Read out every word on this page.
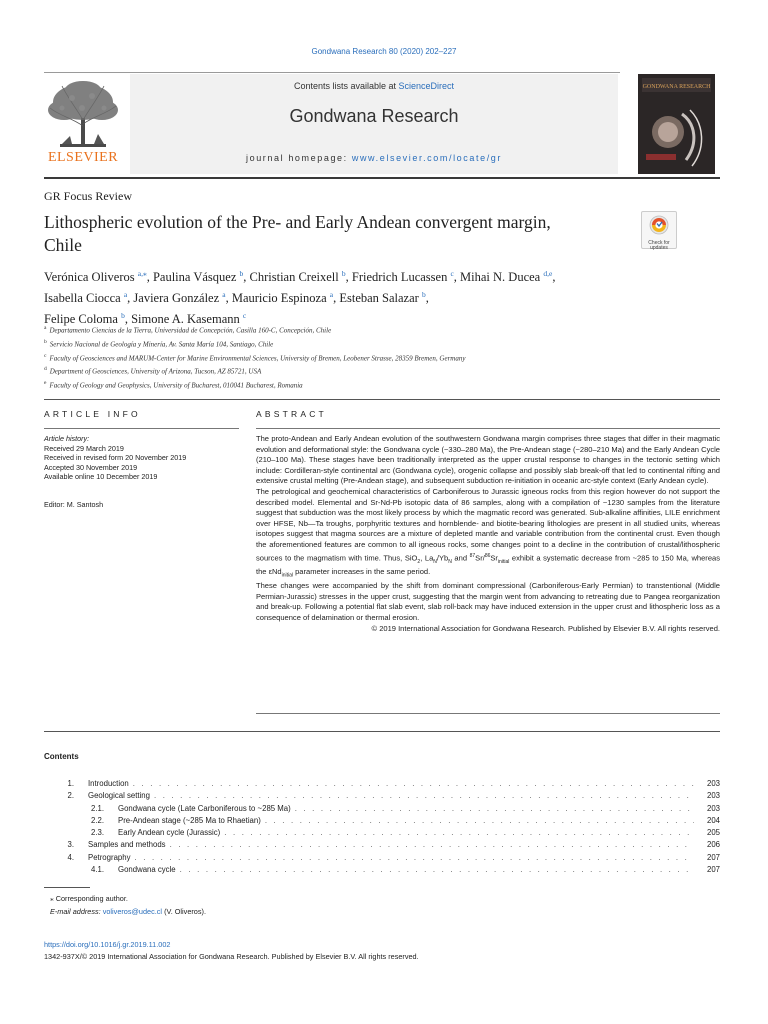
Gondwana Research 80 (2020) 202–227
ELSEVIER
Contents lists available at ScienceDirect
Gondwana Research
journal homepage: www.elsevier.com/locate/gr
GONDWANA RESEARCH
GR Focus Review
Lithospheric evolution of the Pre- and Early Andean convergent margin, Chile	Check for updates
Verónica Oliveros $^{a,⁎}$, Paulina Vásquez $^b$, Christian Creixell $^b$, Friedrich Lucassen $^c$, Mihai N. Ducea $^{d,e}$,
Isabella Ciocca $^a$, Javiera González $^a$, Mauricio Espinoza $^a$, Esteban Salazar $^b$,
Felipe Coloma $^b$, Simone A. Kasemann $^c$
$^a$ Departamento Ciencias de la Tierra, Universidad de Concepción, Casilla 160-C, Concepción, Chile
$^b$ Servicio Nacional de Geología y Minería, Av. Santa María 104, Santiago, Chile
$^c$ Faculty of Geosciences and MARUM-Center for Marine Environmental Sciences, University of Bremen, Leobener Strasse, 28359 Bremen, Germany
$^d$ Department of Geosciences, University of Arizona, Tucson, AZ 85721, USA
$^e$ Faculty of Geology and Geophysics, University of Bucharest, 010041 Bucharest, Romania
ARTICLE INFO
Article history:
Received 29 March 2019
Received in revised form 20 November 2019
Accepted 30 November 2019
Available online 10 December 2019
Editor: M. Santosh
ABSTRACT

The proto-Andean and Early Andean evolution of the southwestern Gondwana margin comprises three stages that differ in their magmatic evolution and deformational style: the Gondwana cycle (~330–280 Ma), the Pre-Andean stage (~280–210 Ma) and the Early Andean Cycle (210–100 Ma). These stages have been traditionally interpreted as the upper crustal response to changes in the tectonic setting which include: Cordilleran-style continental arc (Gondwana cycle), orogenic collapse and possibly slab break-off that led to continental rifting and extensive crustal melting (Pre-Andean stage), and subsequent subduction re-initiation in oceanic arc-style context (Early Andean cycle).

The petrological and geochemical characteristics of Carboniferous to Jurassic igneous rocks from this region however do not support the described model. Elemental and Sr-Nd-Pb isotopic data of 86 samples, along with a compilation of ~1230 samples from the literature suggest that subduction was the most likely process by which the magmatic record was generated. Sub-alkaline affinities, LILE enrichment over HFSE, Nb—Ta troughs, porphyritic textures and hornblende- and biotite-bearing lithologies are present in all studied units, whereas isotopes suggest that magma sources are a mixture of depleted mantle and variable contribution from the continental crust. Even though the aforementioned features are common to all igneous rocks, some changes point to a decline in the contribution of crustal/lithospheric sources to the magmatism with time. Thus, SiO$_2$, $La_N/Yb_N$ and $^{87}Sr/^{86}Sr_{initial}$ exhibit a systematic decrease from ~285 to 150 Ma, whereas the εNd$_{initial}$ parameter increases in the same period.

These changes were accompanied by the shift from dominant compressional (Carboniferous-Early Permian) to transtentional (Middle Permian-Jurassic) stresses in the upper crust, suggesting that the margin went from advancing to retreating due to Pangea reorganization and break-up. Following a potential flat slab event, slab roll-back may have induced extension in the upper crust and lithospheric loss as a consequence of delamination or thermal erosion.

© 2019 International Association for Gondwana Research. Published by Elsevier B.V. All rights reserved.

Contents
1.	Introduction . . .	203
2.	Geological setting . . .	203
2.1.	Gondwana cycle (Late Carboniferous to ~285 Ma) . . .	203
2.2.	Pre-Andean stage (~285 Ma to Rhaetian) . . .	204
2.3.	Early Andean cycle (Jurassic) . . .	205
3.	Samples and methods . . .	206
4.	Petrography . . .	207
4.1.	Gondwana cycle . . .	207
⁎ Corresponding author.
E-mail address: voliveros@udec.cl (V. Oliveros).
https://doi.org/10.1016/j.gr.2019.11.002
1342-937X/© 2019 International Association for Gondwana Research. Published by Elsevier B.V. All rights reserved.
